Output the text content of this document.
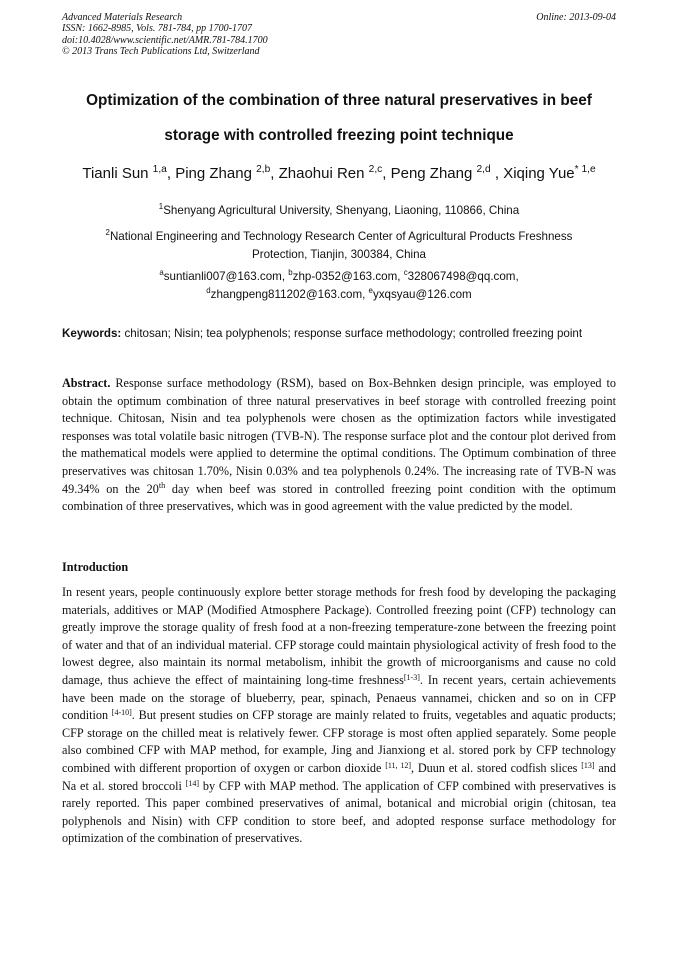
Advanced Materials Research
ISSN: 1662-8985, Vols. 781-784, pp 1700-1707
doi:10.4028/www.scientific.net/AMR.781-784.1700
© 2013 Trans Tech Publications Ltd, Switzerland
Online: 2013-09-04
Optimization of the combination of three natural preservatives in beef
storage with controlled freezing point technique
Tianli Sun $^{1,a}$, Ping Zhang $^{2,b}$, Zhaohui Ren $^{2,c}$, Peng Zhang $^{2,d}$ , Xiqing Yue$^{* 1,e}$
$^1$Shenyang Agricultural University, Shenyang, Liaoning, 110866, China
$^2$National Engineering and Technology Research Center of Agricultural Products Freshness
Protection, Tianjin, 300384, China
$^a$suntianli007@163.com, $^b$zhp-0352@163.com, $^c$328067498@qq.com,
$^d$zhangpeng811202@163.com, $^e$yxqsyau@126.com
Keywords: chitosan; Nisin; tea polyphenols; response surface methodology; controlled freezing point
Abstract. Response surface methodology (RSM), based on Box-Behnken design principle, was employed to obtain the optimum combination of three natural preservatives in beef storage with controlled freezing point technique. Chitosan, Nisin and tea polyphenols were chosen as the optimization factors while investigated responses was total volatile basic nitrogen (TVB-N). The response surface plot and the contour plot derived from the mathematical models were applied to determine the optimal conditions. The Optimum combination of three preservatives was chitosan 1.70%, Nisin 0.03% and tea polyphenols 0.24%. The increasing rate of TVB-N was 49.34% on the 20th day when beef was stored in controlled freezing point condition with the optimum combination of three preservatives, which was in good agreement with the value predicted by the model.
Introduction
In resent years, people continuously explore better storage methods for fresh food by developing the packaging materials, additives or MAP (Modified Atmosphere Package). Controlled freezing point (CFP) technology can greatly improve the storage quality of fresh food at a non-freezing temperature-zone between the freezing point of water and that of an individual material. CFP storage could maintain physiological activity of fresh food to the lowest degree, also maintain its normal metabolism, inhibit the growth of microorganisms and cause no cold damage, thus achieve the effect of maintaining long-time freshness[1-3]. In recent years, certain achievements have been made on the storage of blueberry, pear, spinach, Penaeus vannamei, chicken and so on in CFP condition [4-10]. But present studies on CFP storage are mainly related to fruits, vegetables and aquatic products; CFP storage on the chilled meat is relatively fewer. CFP storage is most often applied separately. Some people also combined CFP with MAP method, for example, Jing and Jianxiong et al. stored pork by CFP technology combined with different proportion of oxygen or carbon dioxide [11, 12], Duun et al. stored codfish slices [13] and Na et al. stored broccoli [14] by CFP with MAP method. The application of CFP combined with preservatives is rarely reported. This paper combined preservatives of animal, botanical and microbial origin (chitosan, tea polyphenols and Nisin) with CFP condition to store beef, and adopted response surface methodology for optimization of the combination of preservatives.
